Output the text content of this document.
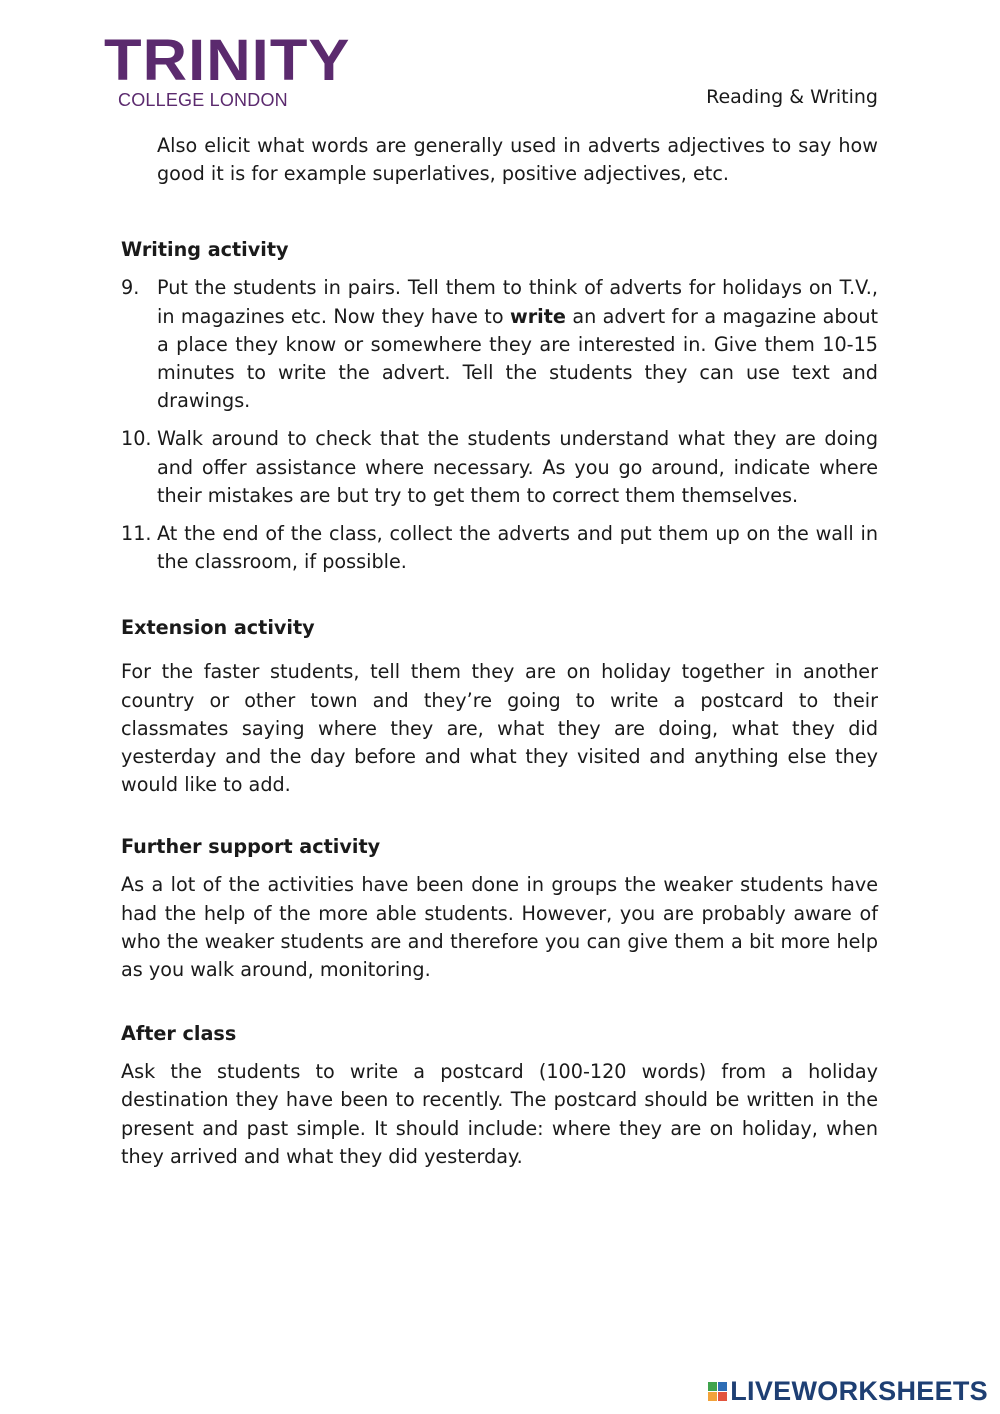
TRINITY
COLLEGE LONDON	Reading & Writing

Also elicit what words are generally used in adverts adjectives to say how good it is for example superlatives, positive adjectives, etc.

Writing activity
9. Put the students in pairs. Tell them to think of adverts for holidays on T.V., in magazines etc. Now they have to write an advert for a magazine about a place they know or somewhere they are interested in. Give them 10-15 minutes to write the advert. Tell the students they can use text and drawings.
10. Walk around to check that the students understand what they are doing and offer assistance where necessary. As you go around, indicate where their mistakes are but try to get them to correct them themselves.
11. At the end of the class, collect the adverts and put them up on the wall in the classroom, if possible.
Extension activity

For the faster students, tell them they are on holiday together in another country or other town and they’re going to write a postcard to their classmates saying where they are, what they are doing, what they did yesterday and the day before and what they visited and anything else they would like to add.

Further support activity

As a lot of the activities have been done in groups the weaker students have had the help of the more able students. However, you are probably aware of who the weaker students are and therefore you can give them a bit more help as you walk around, monitoring.

After class

Ask the students to write a postcard (100-120 words) from a holiday destination they have been to recently. The postcard should be written in the present and past simple. It should include: where they are on holiday, when they arrived and what they did yesterday.

LIVEWORKSHEETS
